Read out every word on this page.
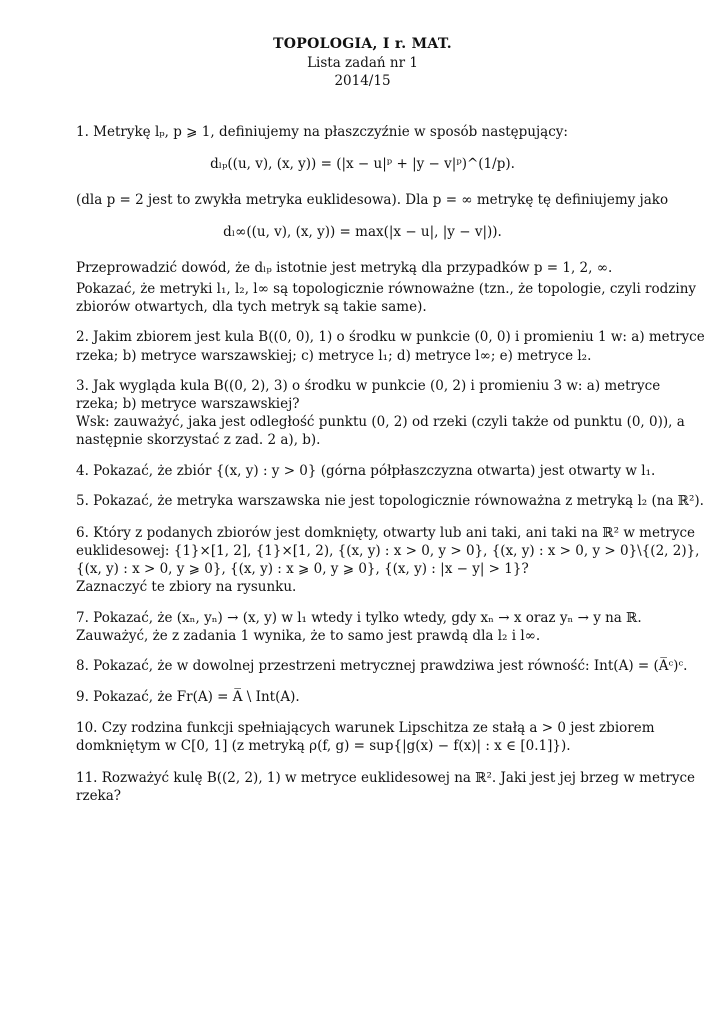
TOPOLOGIA, I r. MAT.
Lista zadań nr 1
2014/15
1. Metrykę lₚ, p ⩾ 1, definiujemy na płaszczyźnie w sposób następujący:
dₗₚ((u, v), (x, y)) = (|x − u|ᵖ + |y − v|ᵖ)^(1/p).
(dla p = 2 jest to zwykła metryka euklidesowa). Dla p = ∞ metrykę tę definiujemy jako
dₗ∞((u, v), (x, y)) = max(|x − u|, |y − v|)).
Przeprowadzić dowód, że dₗₚ istotnie jest metryką dla przypadków p = 1, 2, ∞.
Pokazać, że metryki l₁, l₂, l∞ są topologicznie równoważne (tzn., że topologie, czyli rodziny
zbiorów otwartych, dla tych metryk są takie same).
2. Jakim zbiorem jest kula B((0, 0), 1) o środku w punkcie (0, 0) i promieniu 1 w: a) metryce
rzeka; b) metryce warszawskiej; c) metryce l₁; d) metryce l∞; e) metryce l₂.
3. Jak wygląda kula B((0, 2), 3) o środku w punkcie (0, 2) i promieniu 3 w: a) metryce
rzeka; b) metryce warszawskiej?
Wsk: zauważyć, jaka jest odległość punktu (0, 2) od rzeki (czyli także od punktu (0, 0)), a
następnie skorzystać z zad. 2 a), b).
4. Pokazać, że zbiór {(x, y) : y > 0} (górna półpłaszczyzna otwarta) jest otwarty w l₁.
5. Pokazać, że metryka warszawska nie jest topologicznie równoważna z metryką l₂ (na ℝ²).
6. Który z podanych zbiorów jest domknięty, otwarty lub ani taki, ani taki na ℝ² w metryce
euklidesowej: {1}×[1, 2], {1}×[1, 2), {(x, y) : x > 0, y > 0}, {(x, y) : x > 0, y > 0}\{(2, 2)},
{(x, y) : x > 0, y ⩾ 0}, {(x, y) : x ⩾ 0, y ⩾ 0}, {(x, y) : |x − y| > 1}?
Zaznaczyć te zbiory na rysunku.
7. Pokazać, że (xₙ, yₙ) → (x, y) w l₁ wtedy i tylko wtedy, gdy xₙ → x oraz yₙ → y na ℝ.
Zauważyć, że z zadania 1 wynika, że to samo jest prawdą dla l₂ i l∞.
8. Pokazać, że w dowolnej przestrzeni metrycznej prawdziwa jest równość: Int(A) = (A̅ᶜ)ᶜ.
9. Pokazać, że Fr(A) = A̅ \ Int(A).
10. Czy rodzina funkcji spełniających warunek Lipschitza ze stałą a > 0 jest zbiorem
domkniętym w C[0, 1] (z metryką ρ(f, g) = sup{|g(x) − f(x)| : x ∈ [0.1]}).
11. Rozważyć kulę B((2, 2), 1) w metryce euklidesowej na ℝ². Jaki jest jej brzeg w metryce
rzeka?
